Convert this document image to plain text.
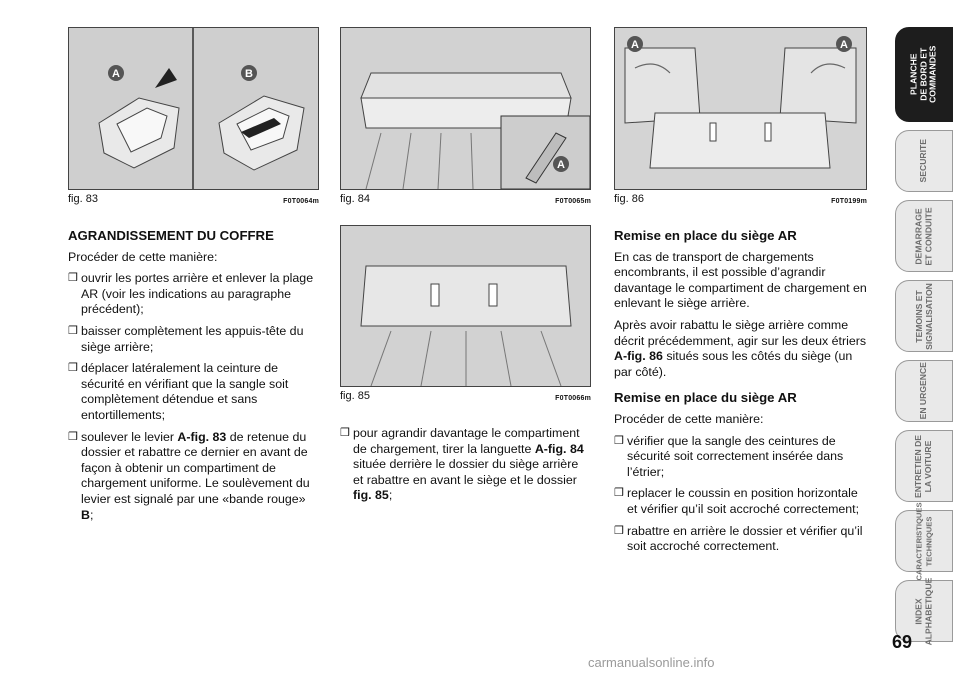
A	B
fig. 83	F0T0064m
A
fig. 84	F0T0065m
fig. 85	F0T0066m
A	A
fig. 86	F0T0199m
AGRANDISSEMENT DU COFFRE

Procéder de cette manière:

❒ ouvrir les portes arrière et enlever la plage AR (voir les indications au paragraphe précédent);
❒ baisser complètement les appuis-tête du siège arrière;
❒ déplacer latéralement la ceinture de sécurité en vérifiant que la sangle soit complètement détendue et sans entortillements;
❒ soulever le levier A-fig. 83 de retenue du dossier et rabattre ce dernier en avant de façon à obtenir un compartiment de chargement uniforme. Le soulèvement du levier est signalé par une «bande rouge» B;
❒ pour agrandir davantage le compartiment de chargement, tirer la languette A-fig. 84 située derrière le dossier du siège arrière et rabattre en avant le siège et le dossier fig. 85;
Remise en place du siège AR

En cas de transport de chargements encombrants, il est possible d’agrandir davantage le compartiment de chargement en enlevant le siège arrière.

Après avoir rabattu le siège arrière comme décrit précédemment, agir sur les deux étriers A-fig. 86 situés sous les côtés du siège (un par côté).

Remise en place du siège AR

Procéder de cette manière:

❒ vérifier que la sangle des ceintures de sécurité soit correctement insérée dans l’étrier;
❒ replacer le coussin en position horizontale et vérifier qu’il soit accroché correctement;
❒ rabattre en arrière le dossier et vérifier qu’il soit accroché correctement.
PLANCHE
DE BORD ET
COMMANDES
SECURITE
DEMARRAGE
ET CONDUITE
TEMOINS ET
SIGNALISATION
EN URGENCE
ENTRETIEN DE
LA VOITURE
CARACTERISTIQUES
TECHNIQUES
INDEX
ALPHABETIQUE
69
carmanualsonline.info
